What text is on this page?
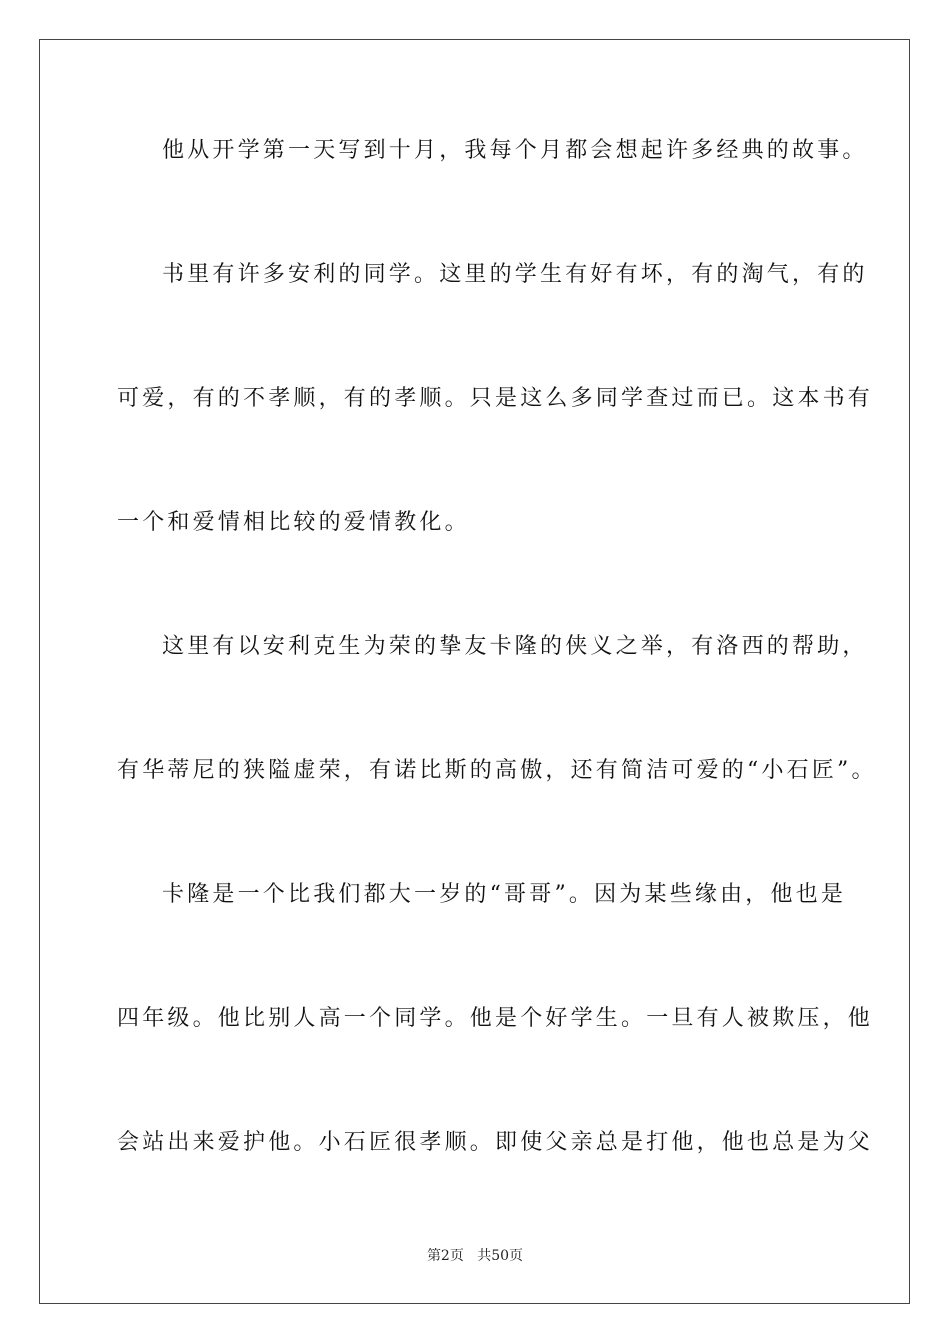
他从开学第一天写到十月，我每个月都会想起许多经典的故事。
书里有许多安利的同学。这里的学生有好有坏，有的淘气，有的
可爱，有的不孝顺，有的孝顺。只是这么多同学查过而已。这本书有
一个和爱情相比较的爱情教化。
这里有以安利克生为荣的挚友卡隆的侠义之举，有洛西的帮助，
有华蒂尼的狭隘虚荣，有诺比斯的高傲，还有简洁可爱的“小石匠”。
卡隆是一个比我们都大一岁的“哥哥”。因为某些缘由，他也是
四年级。他比别人高一个同学。他是个好学生。一旦有人被欺压，他
会站出来爱护他。小石匠很孝顺。即使父亲总是打他，他也总是为父
第2页 共50页
